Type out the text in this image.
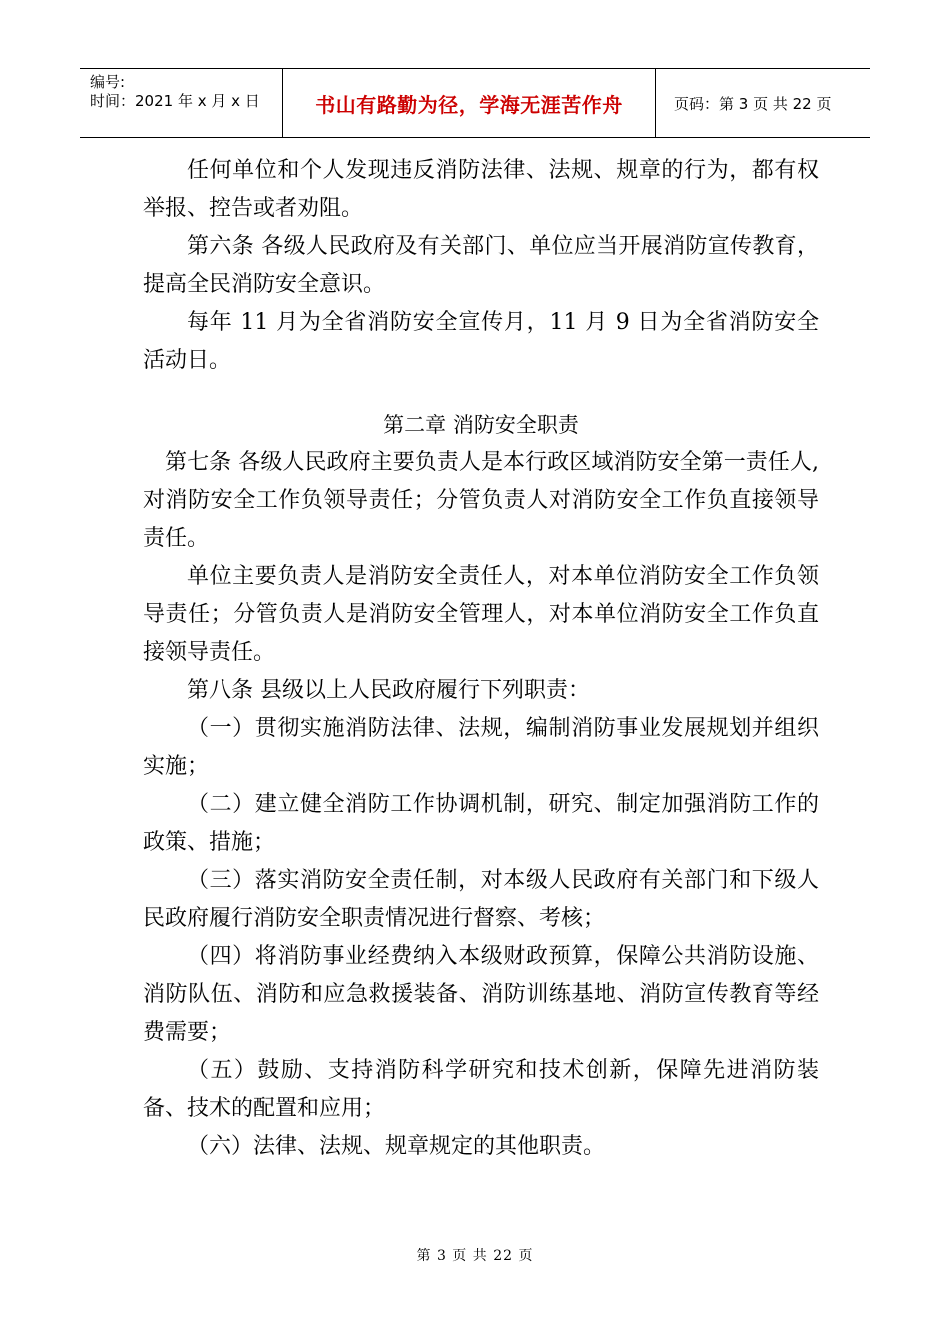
编号:
时间：2021 年 x 月 x 日	书山有路勤为径，学海无涯苦作舟	页码：第 3 页 共 22 页

任何单位和个人发现违反消防法律、法规、规章的行为，都有权举报、控告或者劝阻。

第六条 各级人民政府及有关部门、单位应当开展消防宣传教育，提高全民消防安全意识。

每年 11 月为全省消防安全宣传月，11 月 9 日为全省消防安全活动日。

第二章 消防安全职责

第七条 各级人民政府主要负责人是本行政区域消防安全第一责任人,对消防安全工作负领导责任；分管负责人对消防安全工作负直接领导责任。

单位主要负责人是消防安全责任人，对本单位消防安全工作负领导责任；分管负责人是消防安全管理人，对本单位消防安全工作负直接领导责任。

第八条 县级以上人民政府履行下列职责：

（一）贯彻实施消防法律、法规，编制消防事业发展规划并组织实施；

（二）建立健全消防工作协调机制，研究、制定加强消防工作的政策、措施；

（三）落实消防安全责任制，对本级人民政府有关部门和下级人民政府履行消防安全职责情况进行督察、考核；

（四）将消防事业经费纳入本级财政预算，保障公共消防设施、消防队伍、消防和应急救援装备、消防训练基地、消防宣传教育等经费需要；

（五）鼓励、支持消防科学研究和技术创新，保障先进消防装备、技术的配置和应用；

（六）法律、法规、规章规定的其他职责。

第 3 页 共 22 页
